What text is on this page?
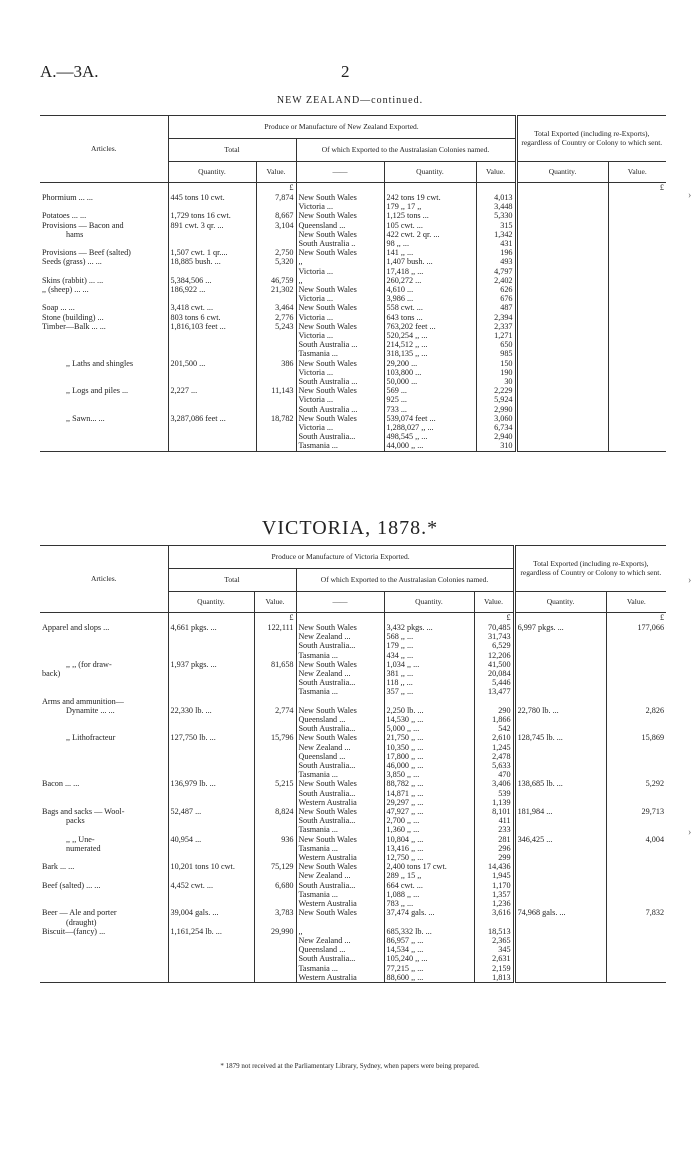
A.—3A.	2
NEW ZEALAND—continued.
Articles.	Produce or Manufacture of New Zealand Exported.					Total Exported (including re-Exports), regardless of Country or Colony to which sent.	
	Total		Of which Exported to the Australasian Colonies named.				
	Quantity.	Value.	——	Quantity.	Value.	Quantity.	Value.
		£					£
Phormium ... ...	445 tons 10 cwt.	7,874	New South Wales	242 tons 19 cwt.	4,013		
			Victoria ...	179 ,, 17 ,,	3,448		
Potatoes ... ...	1,729 tons 16 cwt.	8,667	New South Wales	1,125 tons ...	5,330		
Provisions — Bacon and	891 cwt. 3 qr. ...	3,104	Queensland ...	105 cwt. ...	315		
hams			New South Wales	422 cwt. 2 qr. ...	1,342		
			South Australia ..	98 ,, ...	431		
Provisions — Beef (salted)	1,507 cwt. 1 qr....	2,750	New South Wales	141 ,, ...	196		
Seeds (grass) ... ...	18,885 bush. ...	5,320	,,	1,407 bush. ...	493		
			Victoria ...	17,418 ,, ...	4,797		
Skins (rabbit) ... ...	5,384,506 ...	46,759	,,	260,272 ...	2,402		
,, (sheep) ... ...	186,922 ...	21,302	New South Wales	4,610 ...	626		
			Victoria ...	3,986 ...	676		
Soap ... ...	3,418 cwt. ...	3,464	New South Wales	558 cwt. ...	487		
Stone (building) ...	803 tons 6 cwt.	2,776	Victoria ...	643 tons ...	2,394		
Timber—Balk ... ...	1,816,103 feet ...	5,243	New South Wales	763,202 feet ...	2,337		
			Victoria ...	520,254 ,, ...	1,271		
			South Australia ...	214,512 ,, ...	650		
			Tasmania ...	318,135 ,, ...	985		
,, Laths and shingles	201,500 ...	386	New South Wales	29,200 ...	150		
			Victoria ...	103,800 ...	190		
			South Australia ...	50,000 ...	30		
,, Logs and piles ...	2,227 ...	11,143	New South Wales	569 ...	2,229		
			Victoria ...	925 ...	5,924		
			South Australia ...	733 ...	2,990		
,, Sawn... ...	3,287,086 feet ...	18,782	New South Wales	539,074 feet ...	3,060		
			Victoria ...	1,288,027 ,, ...	6,734		
			South Australia...	498,545 ,, ...	2,940		
			Tasmania ...	44,000 ,, ...	310		
VICTORIA, 1878.*
Articles.	Produce or Manufacture of Victoria Exported.					Total Exported (including re-Exports), regardless of Country or Colony to which sent.	
	Total		Of which Exported to the Australasian Colonies named.				
	Quantity.	Value.	——	Quantity.	Value.	Quantity.	Value.
		£			£		£
Apparel and slops ...	4,661 pkgs. ...	122,111	New South Wales	3,432 pkgs. ...	70,485	6,997 pkgs. ...	177,066
			New Zealand ...	568 ,, ...	31,743		
			South Australia...	179 ,, ...	6,529		
			Tasmania ...	434 ,, ...	12,206		
,, ,, (for draw-	1,937 pkgs. ...	81,658	New South Wales	1,034 ,, ...	41,500		
back)			New Zealand ...	381 ,, ...	20,084		
			South Australia...	118 ,, ...	5,446		
			Tasmania ...	357 ,, ...	13,477		
Arms and ammunition—							
Dynamite ... ...	22,330 lb. ...	2,774	New South Wales	2,250 lb. ...	290	22,780 lb. ...	2,826
			Queensland ...	14,530 ,, ...	1,866		
			South Australia...	5,000 ,, ...	542		
,, Lithofracteur	127,750 lb. ...	15,796	New South Wales	21,750 ,, ...	2,610	128,745 lb. ...	15,869
			New Zealand ...	10,350 ,, ...	1,245		
			Queensland ...	17,800 ,, ...	2,478		
			South Australia...	46,000 ,, ...	5,633		
			Tasmania ...	3,850 ,, ...	470		
Bacon ... ...	136,979 lb. ...	5,215	New South Wales	88,782 ,, ...	3,406	138,685 lb. ...	5,292
			South Australia...	14,871 ,, ...	539		
			Western Australia	29,297 ,, ...	1,139		
Bags and sacks — Wool-	52,487 ...	8,824	New South Wales	47,927 ,, ...	8,101	181,984 ...	29,713
packs			South Australia...	2,700 ,, ...	411		
			Tasmania ...	1,360 ,, ...	233		
,, ,, Une-	40,954 ...	936	New South Wales	10,804 ,, ...	281	346,425 ...	4,004
numerated			Tasmania ...	13,416 ,, ...	296		
			Western Australia	12,750 ,, ...	299		
Bark ... ...	10,201 tons 10 cwt.	75,129	New South Wales	2,400 tons 17 cwt.	14,436		
			New Zealand ...	289 ,, 15 ,,	1,945		
Beef (salted) ... ...	4,452 cwt. ...	6,680	South Australia...	664 cwt. ...	1,170		
			Tasmania ...	1,088 ,, ...	1,357		
			Western Australia	783 ,, ...	1,236		
Beer — Ale and porter	39,004 gals. ...	3,783	New South Wales	37,474 gals. ...	3,616	74,968 gals. ...	7,832
(draught)							
Biscuit—(fancy) ...	1,161,254 lb. ...	29,990	,,	685,332 lb. ...	18,513		
			New Zealand ...	86,957 ,, ...	2,365		
			Queensland ...	14,534 ,, ...	345		
			South Australia...	105,240 ,, ...	2,631		
			Tasmania ...	77,215 ,, ...	2,159		
			Western Australia	88,600 ,, ...	1,813		
* 1879 not received at the Parliamentary Library, Sydney, when papers were being prepared.
›
›
›
